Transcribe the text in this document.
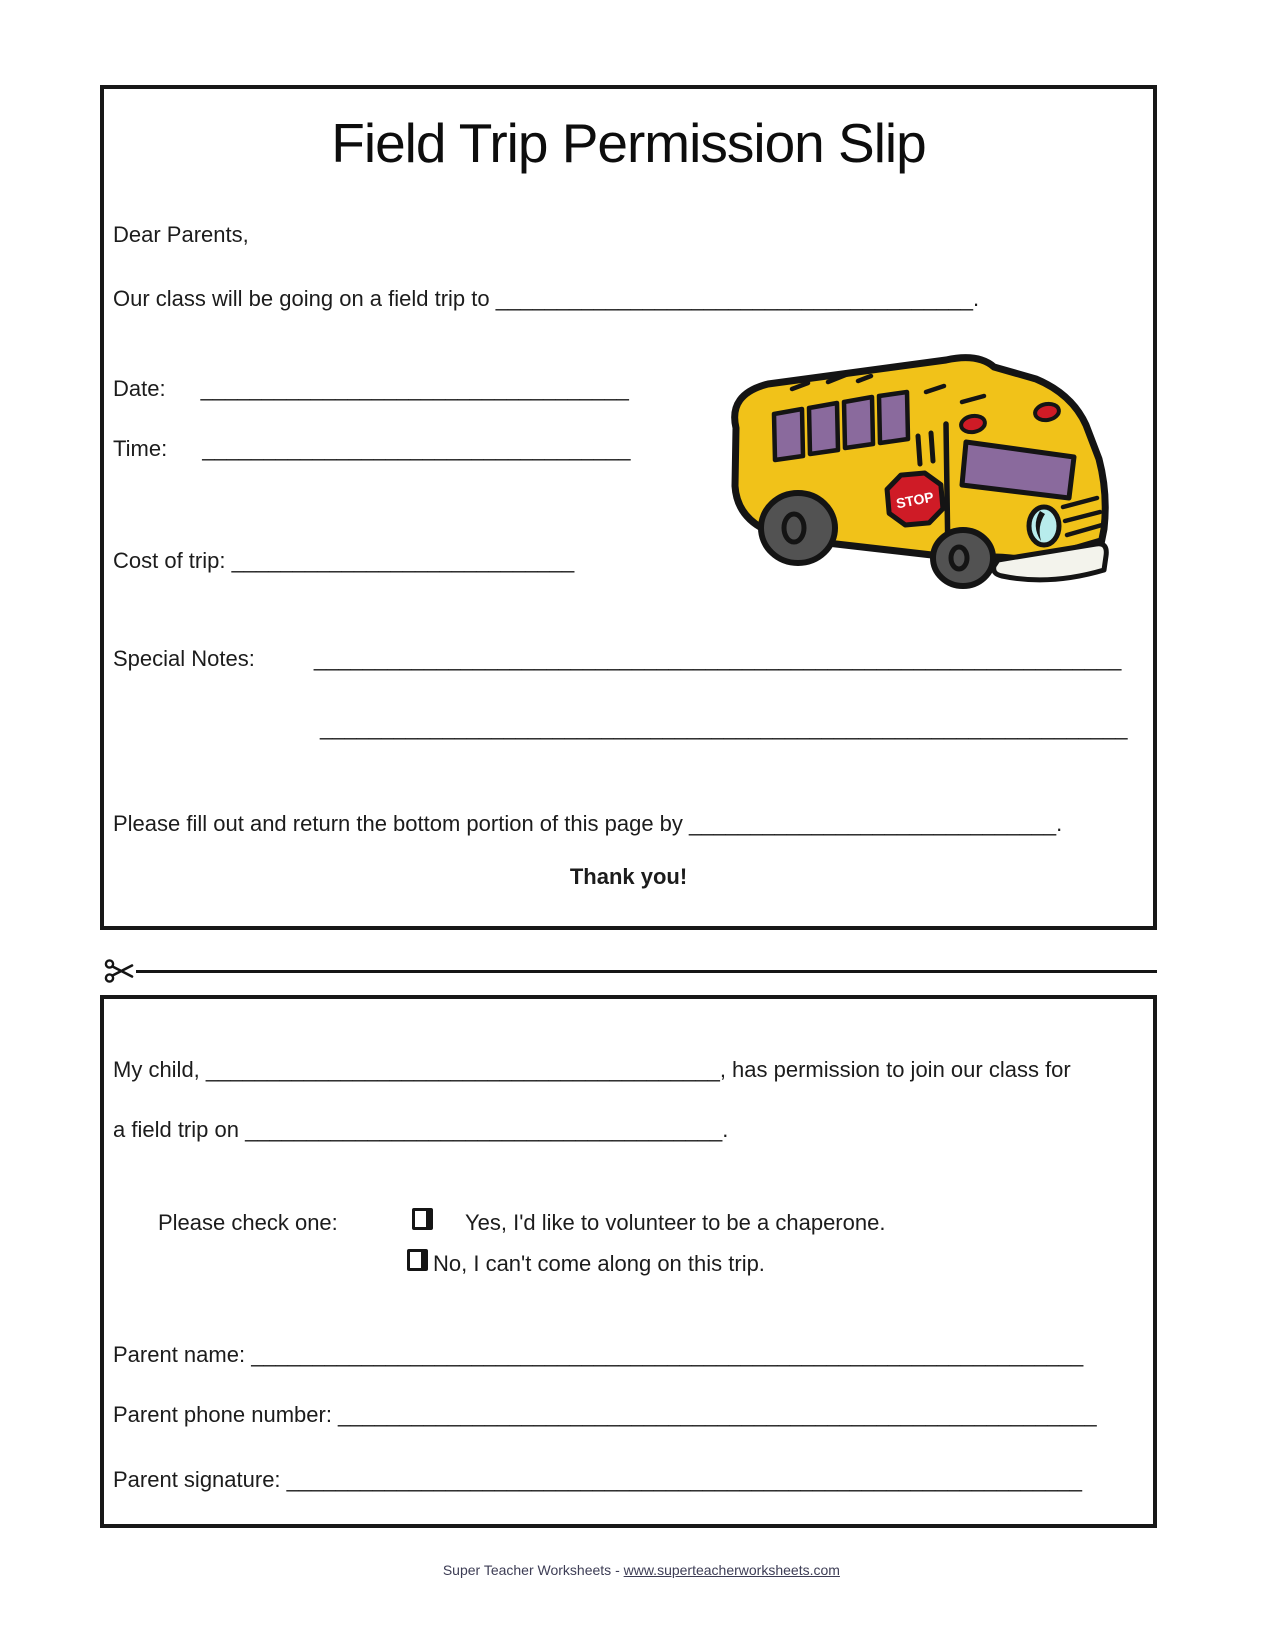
Field Trip Permission Slip
Dear Parents,
Our class will be going on a field trip to _______________________________________ .
Date: ___________________________________
Time: ___________________________________
Cost of trip: ____________________________
Special Notes:	__________________________________________________________________
__________________________________________________________________
Please fill out and return the bottom portion of this page by ______________________________ .
Thank you!
STOP
My child, __________________________________________ , has permission to join our class for
a field trip on _______________________________________ .
Please check one:	Yes, I'd like to volunteer to be a chaperone.
No, I can't come along on this trip.
Parent name: ____________________________________________________________________
Parent phone number: ______________________________________________________________
Parent signature: _________________________________________________________________

Super Teacher Worksheets - www.superteacherworksheets.com
